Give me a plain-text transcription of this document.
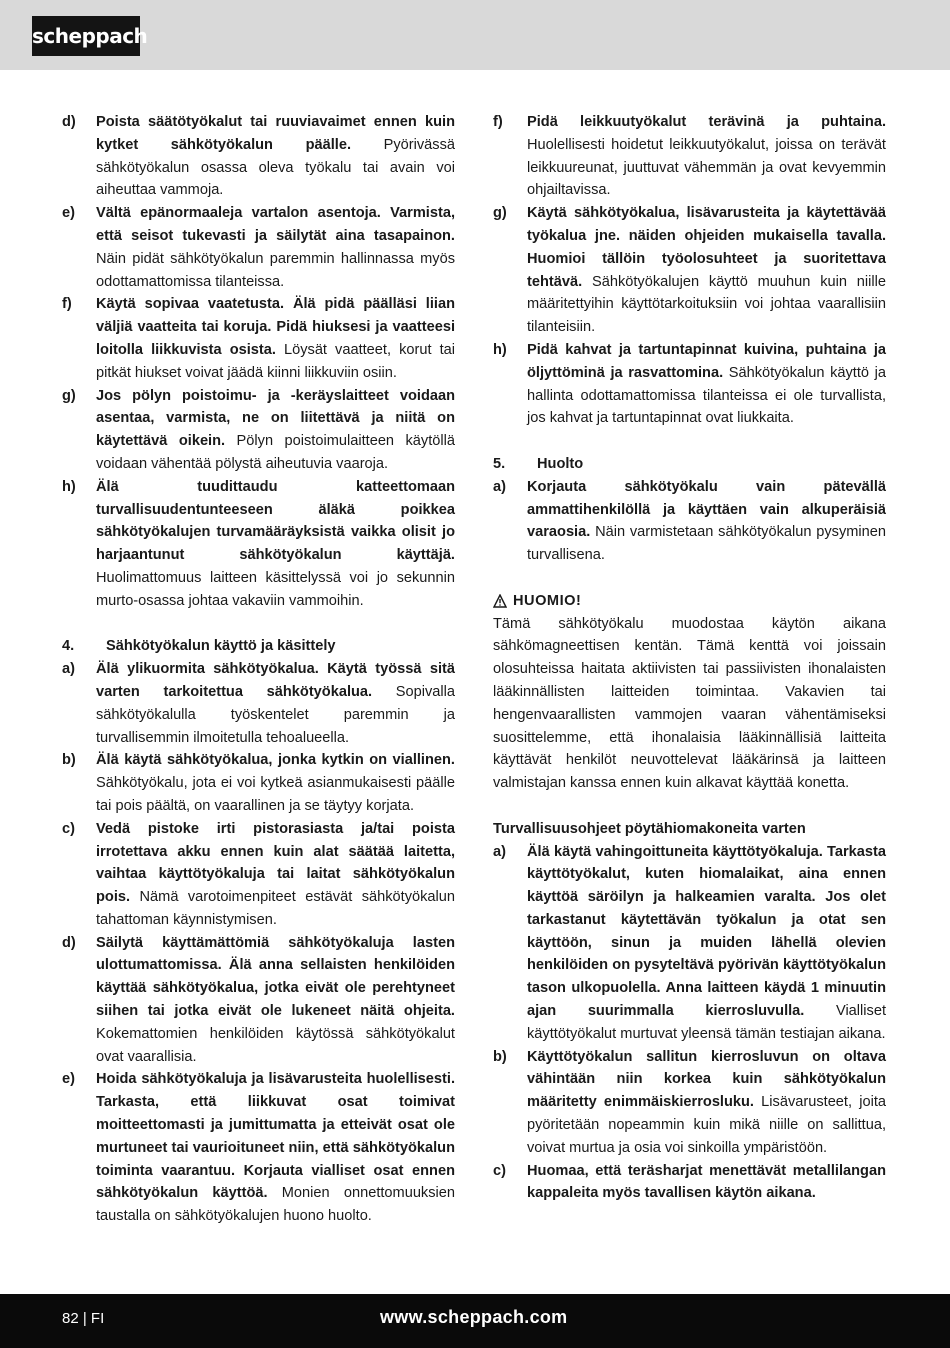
scheppach
d)	Poista säätötyökalut tai ruuviavaimet ennen kuin kytket sähkötyökalun päälle. Pyörivässä sähkötyökalun osassa oleva työkalu tai avain voi aiheuttaa vammoja.
e)	Vältä epänormaaleja vartalon asentoja. Varmista, että seisot tukevasti ja säilytät aina tasapainon. Näin pidät sähkötyökalun paremmin hallinnassa myös odottamattomissa tilanteissa.
f)	Käytä sopivaa vaatetusta. Älä pidä päälläsi liian väljiä vaatteita tai koruja. Pidä hiuksesi ja vaatteesi loitolla liikkuvista osista. Löysät vaatteet, korut tai pitkät hiukset voivat jäädä kiinni liikkuviin osiin.
g)	Jos pölyn poistoimu- ja -keräyslaitteet voidaan asentaa, varmista, ne on liitettävä ja niitä on käytettävä oikein. Pölyn poistoimulaitteen käytöllä voidaan vähentää pölystä aiheutuvia vaaroja.
h)	Älä tuudittaudu katteettomaan turvallisuudentunteeseen äläkä poikkea sähkötyökalujen turvamääräyksistä vaikka olisit jo harjaantunut sähkötyökalun käyttäjä. Huolimattomuus laitteen käsittelyssä voi jo sekunnin murto-osassa johtaa vakaviin vammoihin.
4.	Sähkötyökalun käyttö ja käsittely
a)	Älä ylikuormita sähkötyökalua. Käytä työssä sitä varten tarkoitettua sähkötyökalua. Sopivalla sähkötyökalulla työskentelet paremmin ja turvallisemmin ilmoitetulla tehoalueella.
b)	Älä käytä sähkötyökalua, jonka kytkin on viallinen. Sähkötyökalu, jota ei voi kytkeä asianmukaisesti päälle tai pois päältä, on vaarallinen ja se täytyy korjata.
c)	Vedä pistoke irti pistorasiasta ja/tai poista irrotettava akku ennen kuin alat säätää laitetta, vaihtaa käyttötyökaluja tai laitat sähkötyökalun pois. Nämä varotoimenpiteet estävät sähkötyökalun tahattoman käynnistymisen.
d)	Säilytä käyttämättömiä sähkötyökaluja lasten ulottumattomissa. Älä anna sellaisten henkilöiden käyttää sähkötyökalua, jotka eivät ole perehtyneet siihen tai jotka eivät ole lukeneet näitä ohjeita. Kokemattomien henkilöiden käytössä sähkötyökalut ovat vaarallisia.
e)	Hoida sähkötyökaluja ja lisävarusteita huolellisesti. Tarkasta, että liikkuvat osat toimivat moitteettomasti ja jumittumatta ja etteivät osat ole murtuneet tai vaurioituneet niin, että sähkötyökalun toiminta vaarantuu. Korjauta vialliset osat ennen sähkötyökalun käyttöä. Monien onnettomuuksien taustalla on sähkötyökalujen huono huolto.
f)	Pidä leikkuutyökalut terävinä ja puhtaina. Huolellisesti hoidetut leikkuutyökalut, joissa on terävät leikkuureunat, juuttuvat vähemmän ja ovat kevyemmin ohjailtavissa.
g)	Käytä sähkötyökalua, lisävarusteita ja käytettävää työkalua jne. näiden ohjeiden mukaisella tavalla. Huomioi tällöin työolosuhteet ja suoritettava tehtävä. Sähkötyökalujen käyttö muuhun kuin niille määritettyihin käyttötarkoituksiin voi johtaa vaarallisiin tilanteisiin.
h)	Pidä kahvat ja tartuntapinnat kuivina, puhtaina ja öljyttöminä ja rasvattomina. Sähkötyökalun käyttö ja hallinta odottamattomissa tilanteissa ei ole turvallista, jos kahvat ja tartuntapinnat ovat liukkaita.
5.	Huolto
a)	Korjauta sähkötyökalu vain pätevällä ammattihenkilöllä ja käyttäen vain alkuperäisiä varaosia. Näin varmistetaan sähkötyökalun pysyminen turvallisena.
HUOMIO!
Tämä sähkötyökalu muodostaa käytön aikana sähkömagneettisen kentän. Tämä kenttä voi joissain olosuhteissa haitata aktiivisten tai passiivisten ihonalaisten lääkinnällisten laitteiden toimintaa. Vakavien tai hengenvaarallisten vammojen vaaran vähentämiseksi suosittelemme, että ihonalaisia lääkinnällisiä laitteita käyttävät henkilöt neuvottelevat lääkärinsä ja laitteen valmistajan kanssa ennen kuin alkavat käyttää konetta.
Turvallisuusohjeet pöytähiomakoneita varten
a)	Älä käytä vahingoittuneita käyttötyökaluja. Tarkasta käyttötyökalut, kuten hiomalaikat, aina ennen käyttöä säröilyn ja halkeamien varalta. Jos olet tarkastanut käytettävän työkalun ja otat sen käyttöön, sinun ja muiden lähellä olevien henkilöiden on pysyteltävä pyörivän käyttötyökalun tason ulkopuolella. Anna laitteen käydä 1 minuutin ajan suurimmalla kierrosluvulla. Vialliset käyttötyökalut murtuvat yleensä tämän testiajan aikana.
b)	Käyttötyökalun sallitun kierrosluvun on oltava vähintään niin korkea kuin sähkötyökalun määritetty enimmäiskierrosluku. Lisävarusteet, joita pyöritetään nopeammin kuin mikä niille on sallittua, voivat murtua ja osia voi sinkoilla ympäristöön.
c)	Huomaa, että teräsharjat menettävät metallilangan kappaleita myös tavallisen käytön aikana.
82 | FI	www.scheppach.com
